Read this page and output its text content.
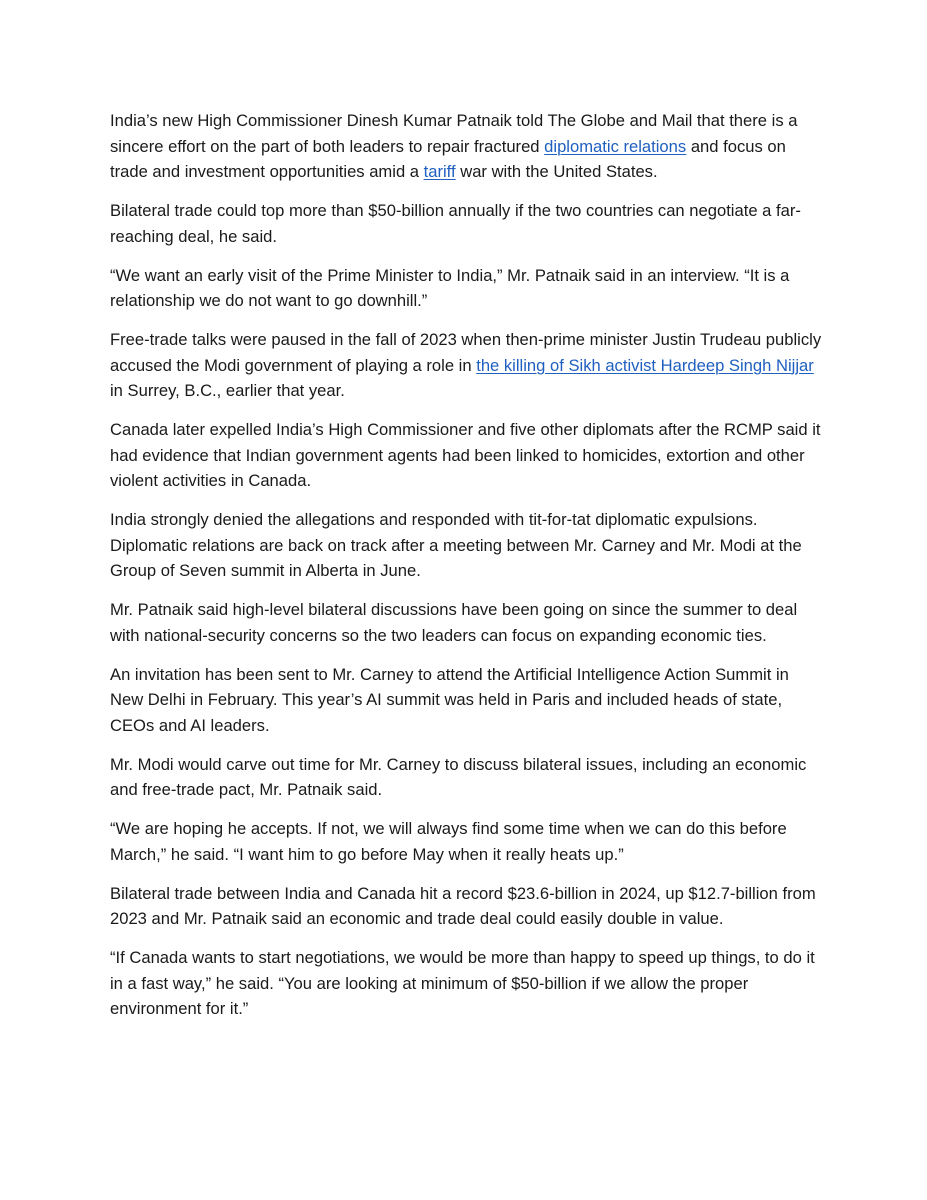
India’s new High Commissioner Dinesh Kumar Patnaik told The Globe and Mail that there is a sincere effort on the part of both leaders to repair fractured diplomatic relations and focus on trade and investment opportunities amid a tariff war with the United States.

Bilateral trade could top more than $50-billion annually if the two countries can negotiate a far-reaching deal, he said.

“We want an early visit of the Prime Minister to India,” Mr. Patnaik said in an interview. “It is a relationship we do not want to go downhill.”

Free-trade talks were paused in the fall of 2023 when then-prime minister Justin Trudeau publicly accused the Modi government of playing a role in the killing of Sikh activist Hardeep Singh Nijjar in Surrey, B.C., earlier that year.

Canada later expelled India’s High Commissioner and five other diplomats after the RCMP said it had evidence that Indian government agents had been linked to homicides, extortion and other violent activities in Canada.

India strongly denied the allegations and responded with tit-for-tat diplomatic expulsions. Diplomatic relations are back on track after a meeting between Mr. Carney and Mr. Modi at the Group of Seven summit in Alberta in June.

Mr. Patnaik said high-level bilateral discussions have been going on since the summer to deal with national-security concerns so the two leaders can focus on expanding economic ties.

An invitation has been sent to Mr. Carney to attend the Artificial Intelligence Action Summit in New Delhi in February. This year’s AI summit was held in Paris and included heads of state, CEOs and AI leaders.

Mr. Modi would carve out time for Mr. Carney to discuss bilateral issues, including an economic and free-trade pact, Mr. Patnaik said.

“We are hoping he accepts. If not, we will always find some time when we can do this before March,” he said. “I want him to go before May when it really heats up.”

Bilateral trade between India and Canada hit a record $23.6-billion in 2024, up $12.7-billion from 2023 and Mr. Patnaik said an economic and trade deal could easily double in value.

“If Canada wants to start negotiations, we would be more than happy to speed up things, to do it in a fast way,” he said. “You are looking at minimum of $50-billion if we allow the proper environment for it.”
